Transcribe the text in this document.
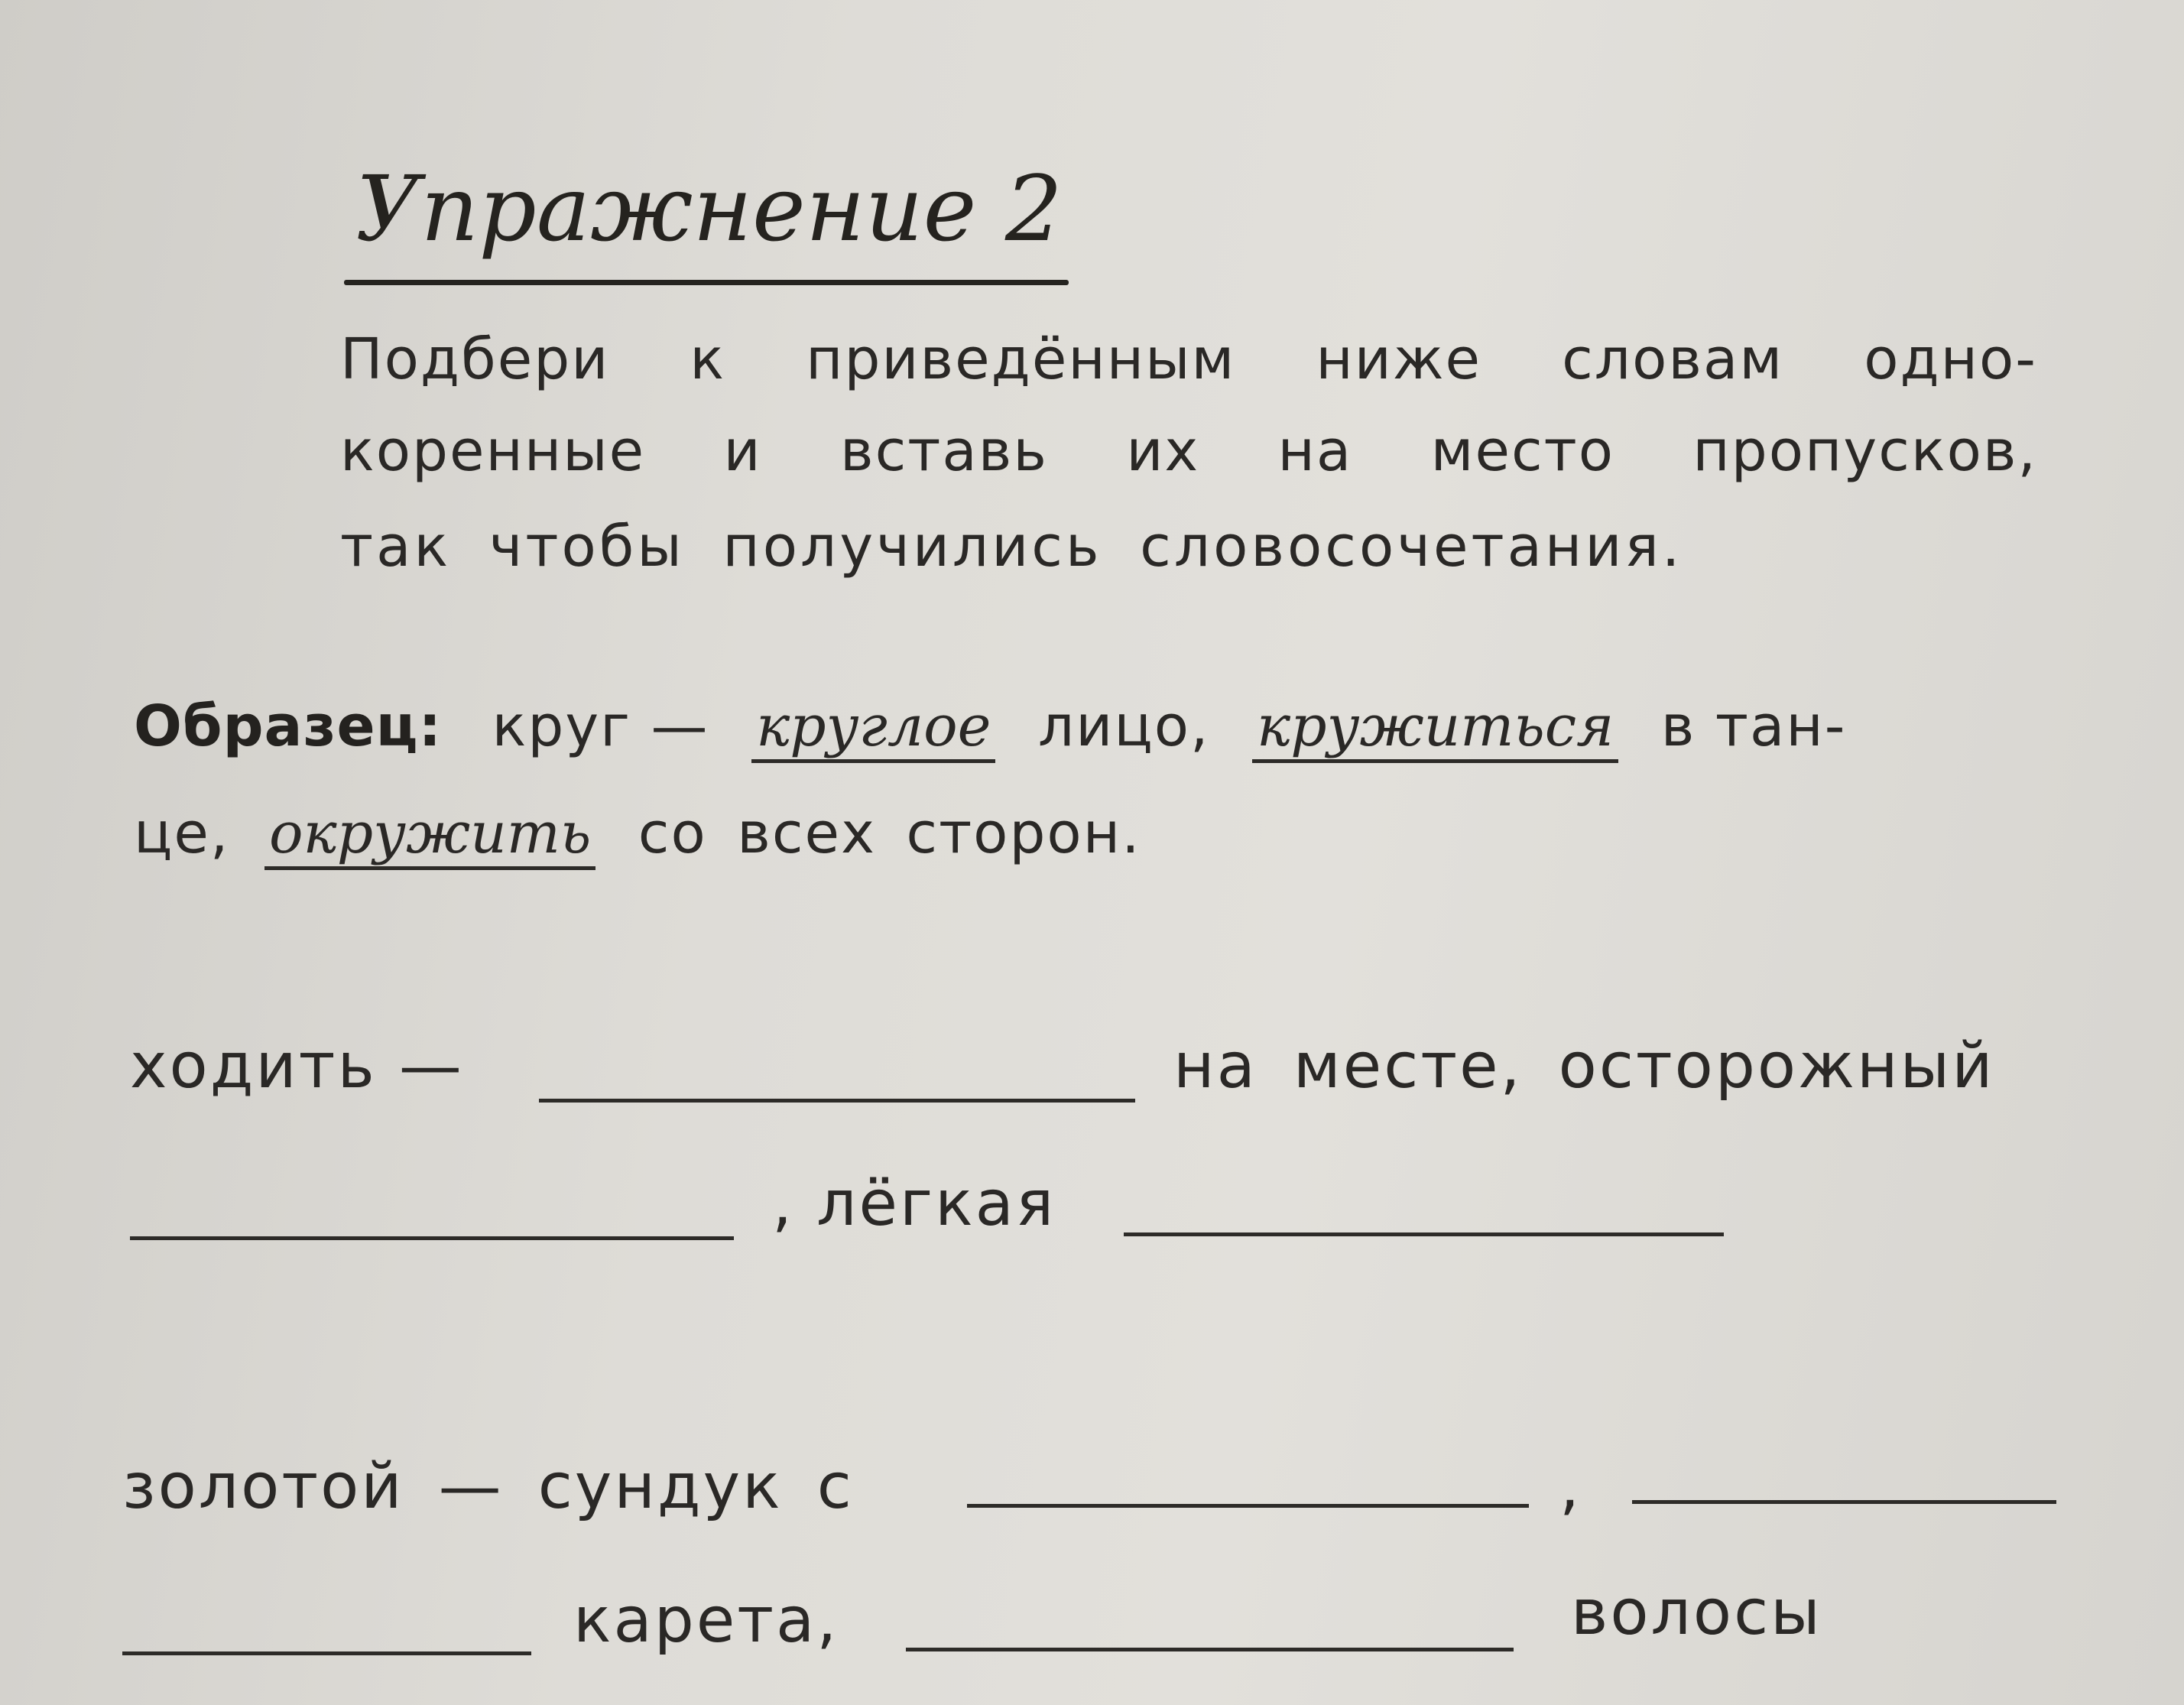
Упражнение 2
Подбери к приведённым ниже словам одно-
коренные и вставь их на место пропусков,
так чтобы получились словосочетания.
Образец: круг — круглое лицо, кружиться в тан-
це, окружить со всех сторон.
ходить —	на месте, осторожный
, лёгкая
золотой — сундук с	,
карета,	волосы
